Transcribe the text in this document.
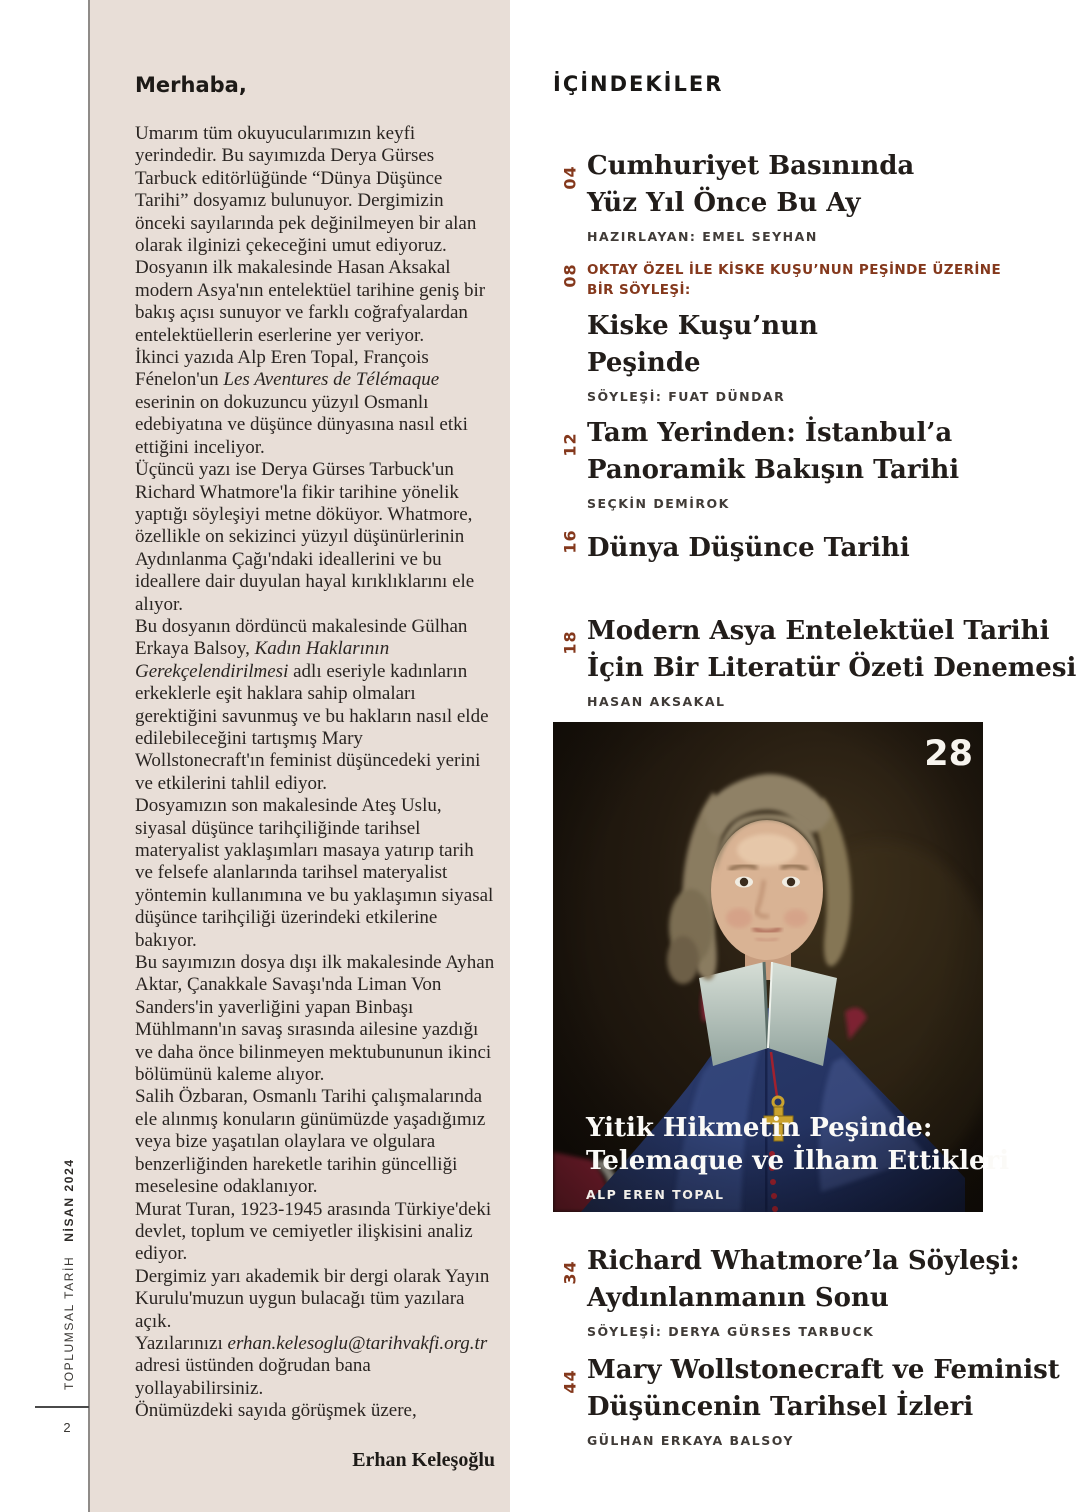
TOPLUMSAL TARİHNİSAN 2024
2
Merhaba,

Umarım tüm okuyucularımızın keyfi yerindedir. Bu sayımızda Derya Gürses Tarbuck editörlüğünde “Dünya Düşünce Tarihi” dosyamız bulunuyor. Dergimizin önceki sayılarında pek değinilmeyen bir alan olarak ilginizi çekeceğini umut ediyoruz. Dosyanın ilk makalesinde Hasan Aksakal modern Asya'nın entelektüel tarihine geniş bir bakış açısı sunuyor ve farklı coğrafyalardan entelektüellerin eserlerine yer veriyor.

İkinci yazıda Alp Eren Topal, François Fénelon'un Les Aventures de Télémaque eserinin on dokuzuncu yüzyıl Osmanlı edebiyatına ve düşünce dünyasına nasıl etki ettiğini inceliyor.

Üçüncü yazı ise Derya Gürses Tarbuck'un Richard Whatmore'la fikir tarihine yönelik yaptığı söyleşiyi metne döküyor. Whatmore, özellikle on sekizinci yüzyıl düşünürlerinin Aydınlanma Çağı'ndaki ideallerini ve bu ideallere dair duyulan hayal kırıklıklarını ele alıyor.

Bu dosyanın dördüncü makalesinde Gülhan Erkaya Balsoy, Kadın Haklarının Gerekçelendirilmesi adlı eseriyle kadınların erkeklerle eşit haklara sahip olmaları gerektiğini savunmuş ve bu hakların nasıl elde edilebileceğini tartışmış Mary Wollstonecraft'ın feminist düşüncedeki yerini ve etkilerini tahlil ediyor.

Dosyamızın son makalesinde Ateş Uslu, siyasal düşünce tarihçiliğinde tarihsel materyalist yaklaşımları masaya yatırıp tarih ve felsefe alanlarında tarihsel materyalist yöntemin kullanımına ve bu yaklaşımın siyasal düşünce tarihçiliği üzerindeki etkilerine bakıyor.

Bu sayımızın dosya dışı ilk makalesinde Ayhan Aktar, Çanakkale Savaşı'nda Liman Von Sanders'in yaverliğini yapan Binbaşı Mühlmann'ın savaş sırasında ailesine yazdığı ve daha önce bilinmeyen mektubununun ikinci bölümünü kaleme alıyor.

Salih Özbaran, Osmanlı Tarihi çalışmalarında ele alınmış konuların günümüzde yaşadığımız veya bize yaşatılan olaylara ve olgulara benzerliğinden hareketle tarihin güncelliği meselesine odaklanıyor.

Murat Turan, 1923-1945 arasında Türkiye'deki devlet, toplum ve cemiyetler ilişkisini analiz ediyor.

Dergimiz yarı akademik bir dergi olarak Yayın Kurulu'muzun uygun bulacağı tüm yazılara açık.

Yazılarınızı erhan.kelesoglu@tarihvakfi.org.tr adresi üstünden doğrudan bana yollayabilirsiniz.

Önümüzdeki sayıda görüşmek üzere,

Erhan Keleşoğlu
İÇİNDEKİLER
04 Cumhuriyet Basınında
Yüz Yıl Önce Bu Ay
HAZIRLAYAN: EMEL SEYHAN
08 OKTAY ÖZEL İLE KİSKE KUŞU’NUN PEŞİNDE ÜZERİNE
BİR SÖYLEŞİ:
Kiske Kuşu’nun
Peşinde
SÖYLEŞİ: FUAT DÜNDAR
12 Tam Yerinden: İstanbul’a
Panoramik Bakışın Tarihi
SEÇKİN DEMİROK
16 Dünya Düşünce Tarihi
18 Modern Asya Entelektüel Tarihi
İçin Bir Literatür Özeti Denemesi
HASAN AKSAKAL
28
Yitik Hikmetin Peşinde:
Telemaque ve İlham Ettikleri
ALP EREN TOPAL
34 Richard Whatmore’la Söyleşi:
Aydınlanmanın Sonu
SÖYLEŞİ: DERYA GÜRSES TARBUCK
44 Mary Wollstonecraft ve Feminist
Düşüncenin Tarihsel İzleri
GÜLHAN ERKAYA BALSOY
